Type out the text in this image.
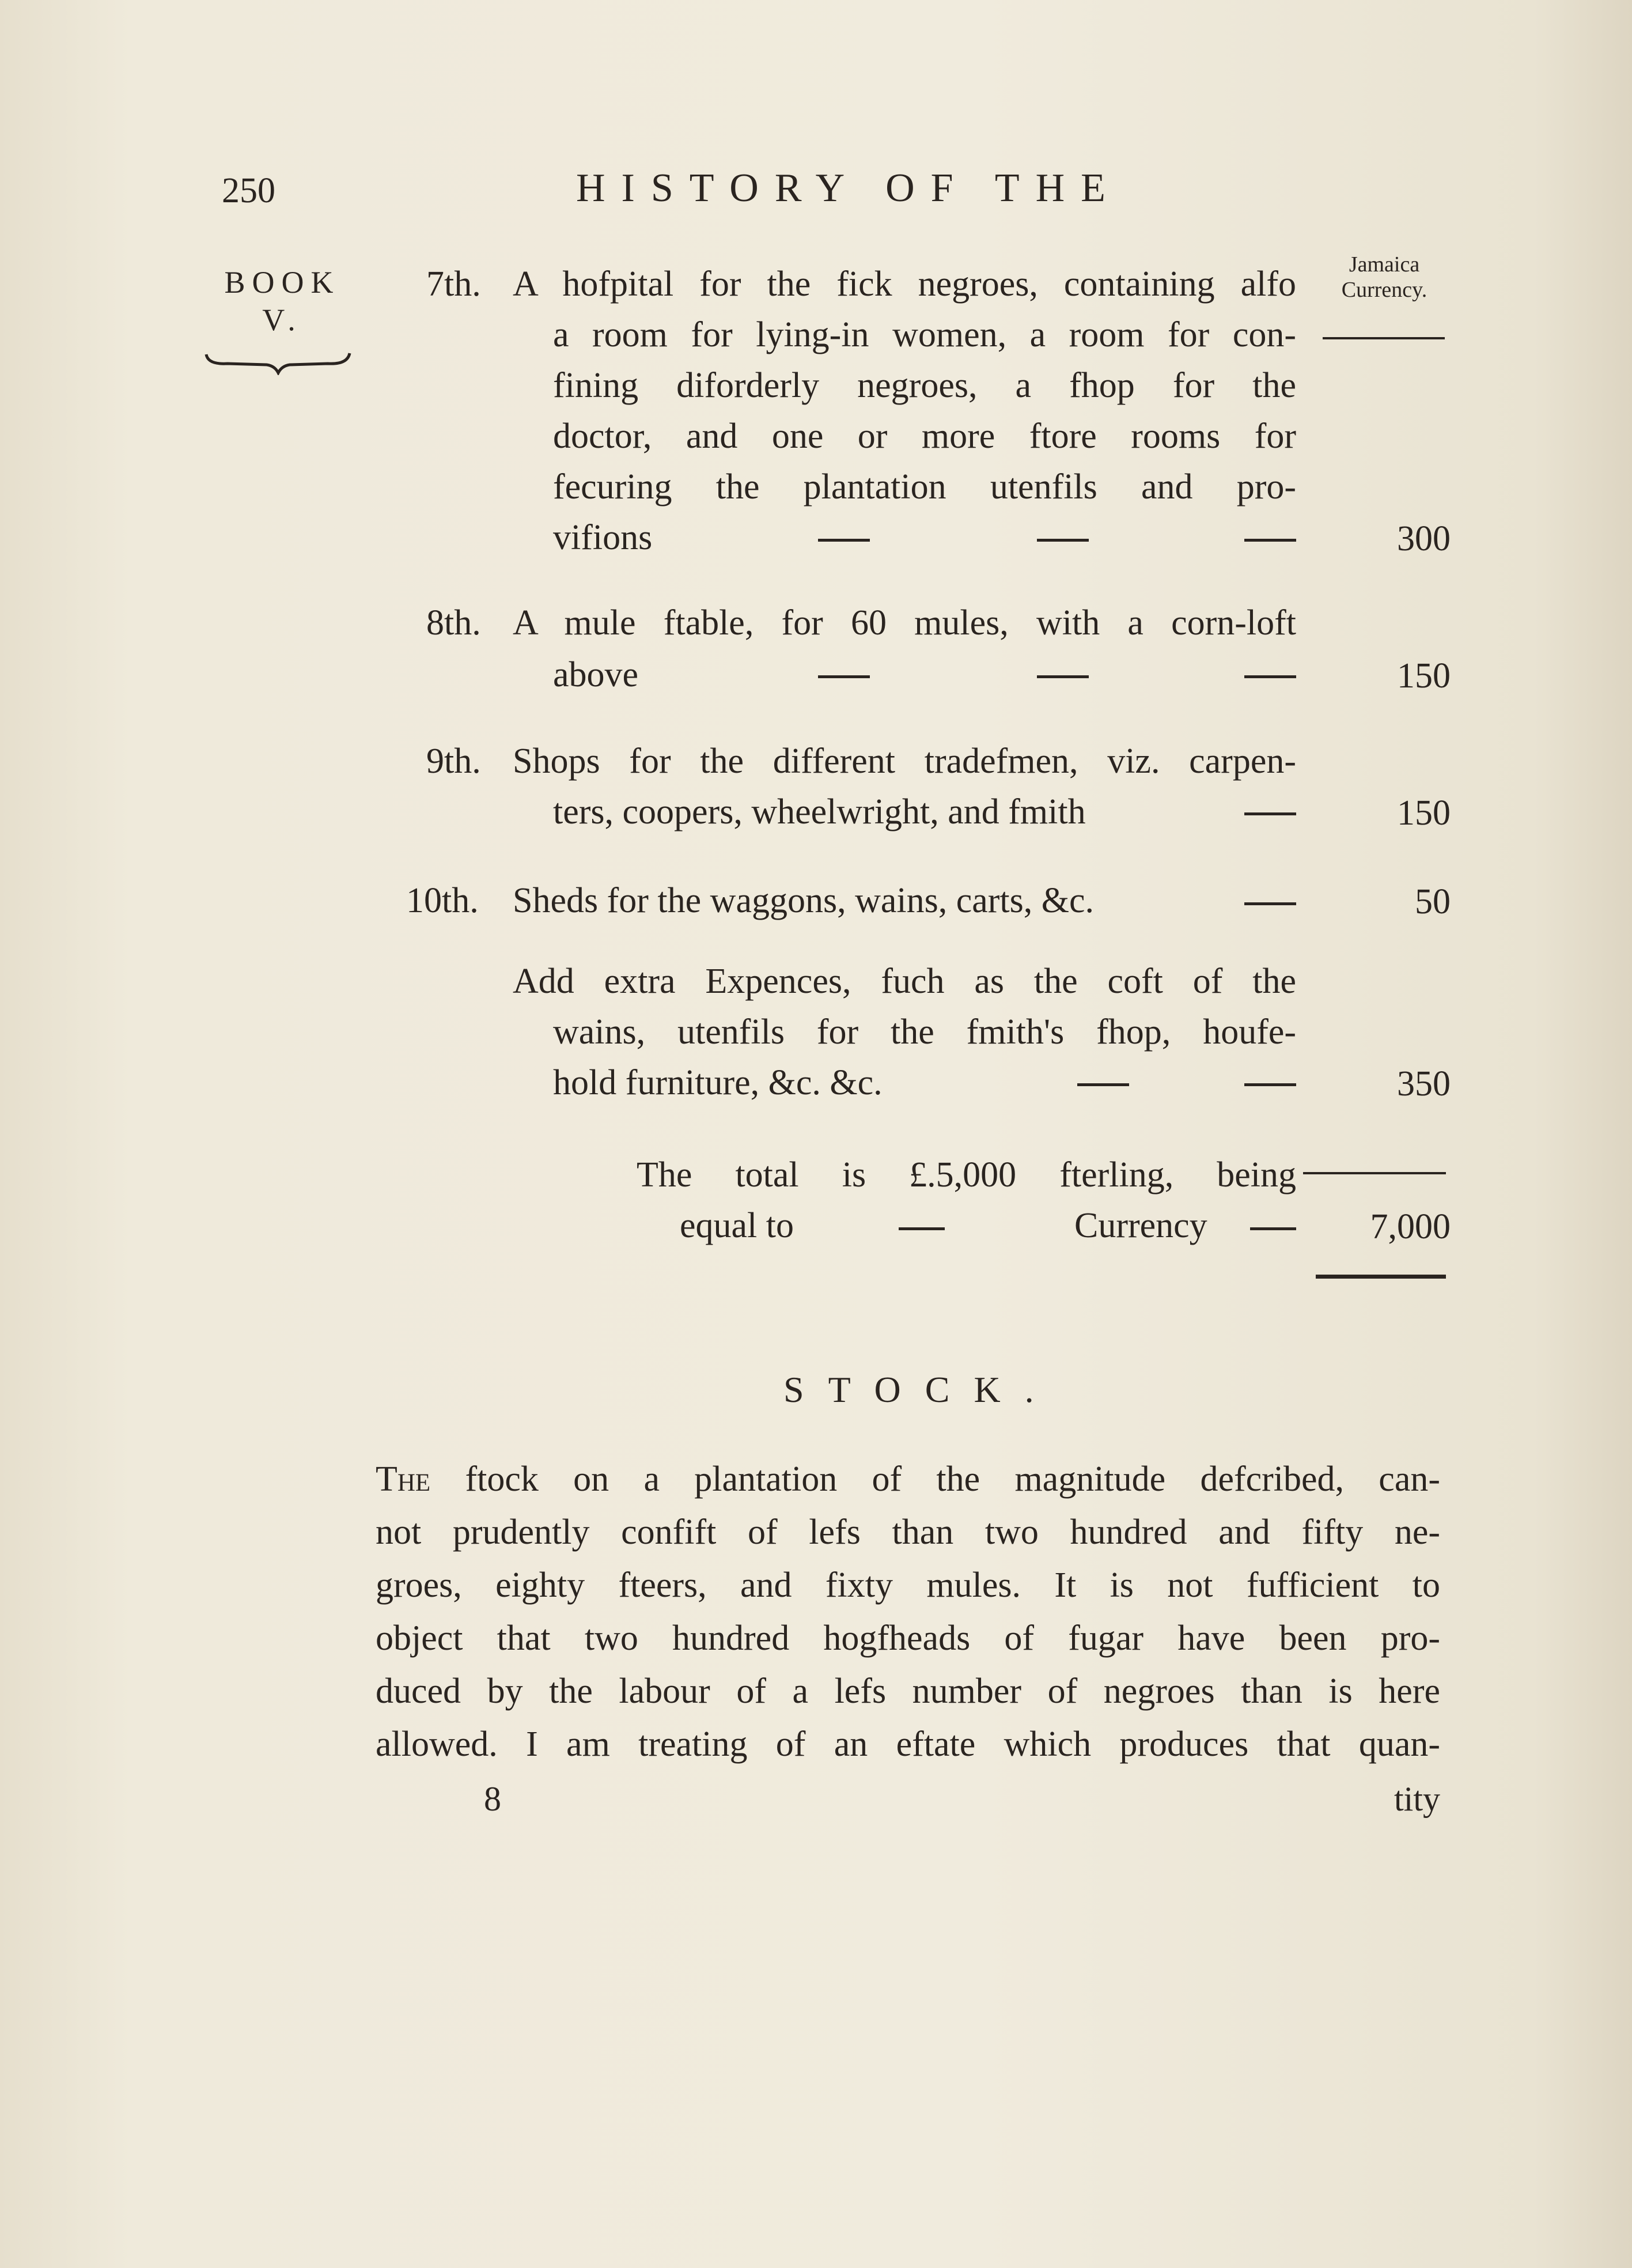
250	HISTORY OF THE
BOOK
V.
Jamaica
Currency.
7th. A hofpital for the fick negroes, containing alfo
a room for lying-in women, a room for con-
fining diforderly negroes, a fhop for the
doctor, and one or more ftore rooms for
fecuring the plantation utenfils and pro-
vifions	300
8th. A mule ftable, for 60 mules, with a corn-loft
above	150
9th. Shops for the different tradefmen, viz. carpen-
ters, coopers, wheelwright, and fmith	150
10th. Sheds for the waggons, wains, carts, &c.	50
Add extra Expences, fuch as the coft of the
wains, utenfils for the fmith's fhop, houfe-
hold furniture, &c. &c.	350
The total is £.5,000 fterling, being
equal to	Currency	7,000
STOCK.
The ftock on a plantation of the magnitude defcribed, can-
not prudently confift of lefs than two hundred and fifty ne-
groes, eighty fteers, and fixty mules. It is not fufficient to
object that two hundred hogfheads of fugar have been pro-
duced by the labour of a lefs number of negroes than is here
allowed. I am treating of an eftate which produces that quan-
8	tity
